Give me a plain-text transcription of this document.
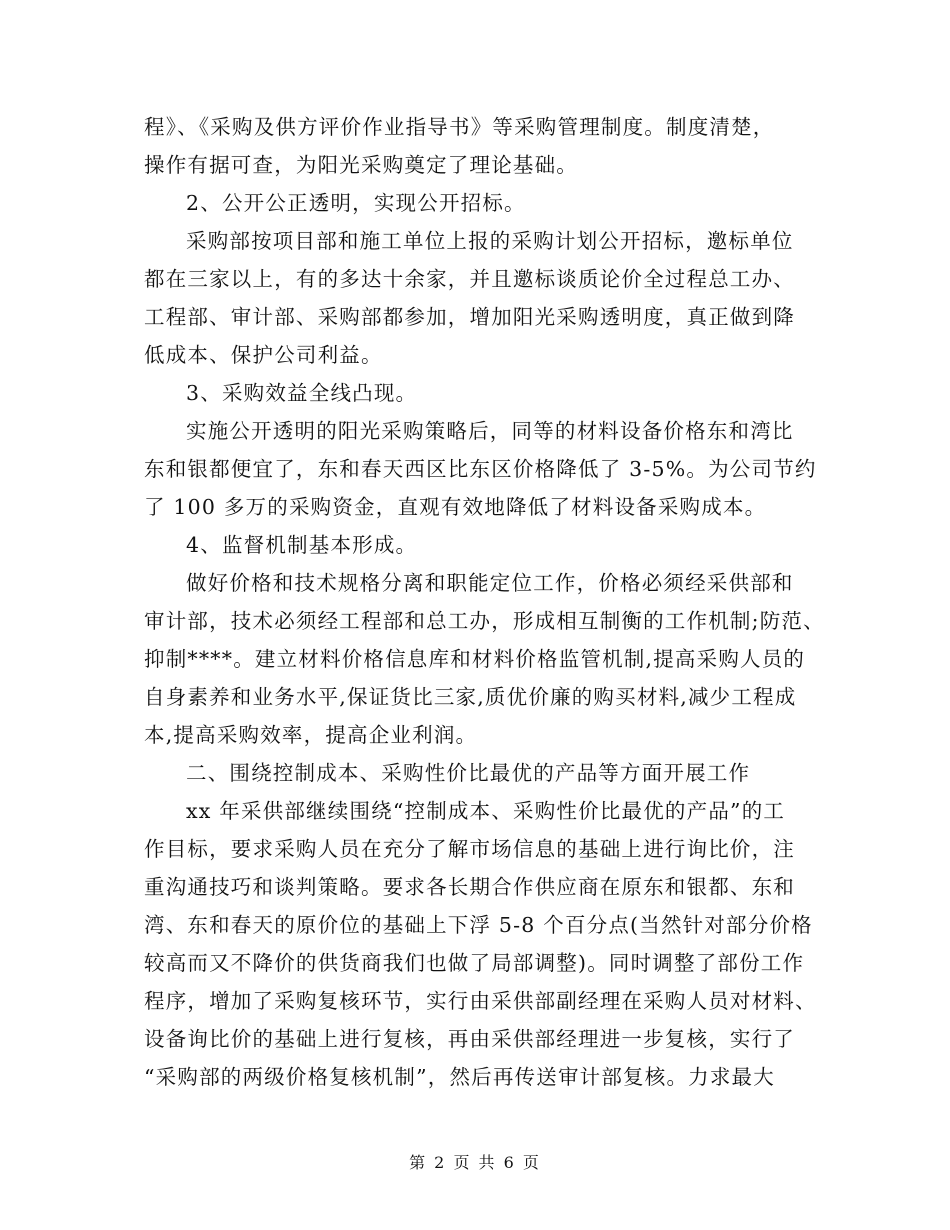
程》、《采购及供方评价作业指导书》等采购管理制度。制度清楚，
操作有据可查，为阳光采购奠定了理论基础。
2、公开公正透明，实现公开招标。
采购部按项目部和施工单位上报的采购计划公开招标，邀标单位
都在三家以上，有的多达十余家，并且邀标谈质论价全过程总工办、
工程部、审计部、采购部都参加，增加阳光采购透明度，真正做到降
低成本、保护公司利益。
3、采购效益全线凸现。
实施公开透明的阳光采购策略后，同等的材料设备价格东和湾比
东和银都便宜了，东和春天西区比东区价格降低了 3-5%。为公司节约
了 100 多万的采购资金，直观有效地降低了材料设备采购成本。
4、监督机制基本形成。
做好价格和技术规格分离和职能定位工作，价格必须经采供部和
审计部，技术必须经工程部和总工办，形成相互制衡的工作机制;防范、
抑制****。建立材料价格信息库和材料价格监管机制,提高采购人员的
自身素养和业务水平,保证货比三家,质优价廉的购买材料,减少工程成
本,提高采购效率，提高企业利润。
二、围绕控制成本、采购性价比最优的产品等方面开展工作
xx 年采供部继续围绕“控制成本、采购性价比最优的产品”的工
作目标，要求采购人员在充分了解市场信息的基础上进行询比价，注
重沟通技巧和谈判策略。要求各长期合作供应商在原东和银都、东和
湾、东和春天的原价位的基础上下浮 5-8 个百分点(当然针对部分价格
较高而又不降价的供货商我们也做了局部调整)。同时调整了部份工作
程序，增加了采购复核环节，实行由采供部副经理在采购人员对材料、
设备询比价的基础上进行复核，再由采供部经理进一步复核，实行了
“采购部的两级价格复核机制”，然后再传送审计部复核。力求最大
第 2 页 共 6 页
